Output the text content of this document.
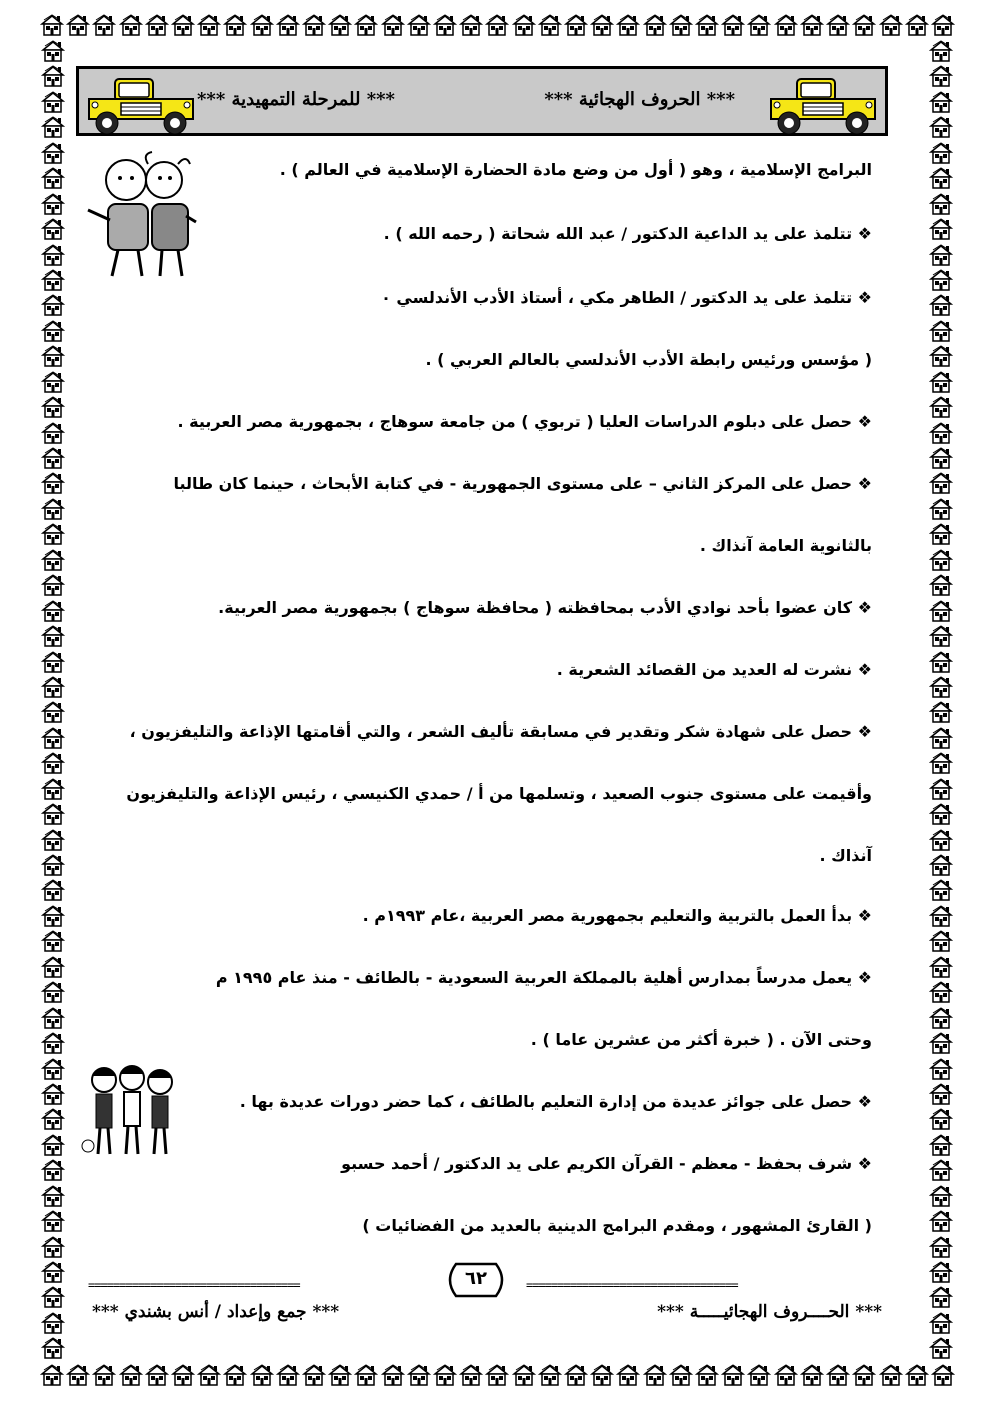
*** الحروف الهجائية ***
*** للمرحلة التمهيدية ***
البرامج الإسلامية ، وهو ( أول من وضع مادة الحضارة الإسلامية في العالم ) .
❖ تتلمذ على يد الداعية الدكتور / عبد الله شحاتة ( رحمه الله ) .
❖ تتلمذ على يد الدكتور / الطاهر مكي ، أستاذ الأدب الأندلسي ٠
( مؤسس ورئيس رابطة الأدب الأندلسي بالعالم العربي ) .
❖ حصل على دبلوم الدراسات العليا ( تربوي ) من جامعة سوهاج ، بجمهورية مصر العربية .
❖ حصل على المركز الثاني – على مستوى الجمهورية - في كتابة الأبحاث ، حينما كان طالبا
بالثانوية العامة آنذاك .
❖ كان عضوا بأحد نوادي الأدب بمحافظته ( محافظة سوهاج ) بجمهورية مصر العربية.
❖ نشرت له العديد من القصائد الشعرية .
❖ حصل على شهادة شكر وتقدير في مسابقة تأليف الشعر ، والتي أقامتها الإذاعة والتليفزيون ،
وأقيمت على مستوى جنوب الصعيد ، وتسلمها من أ / حمدي الكنيسي ، رئيس الإذاعة والتليفزيون
آنذاك .
❖ بدأ العمل بالتربية والتعليم بجمهورية مصر العربية ،عام ١٩٩٣م .
❖ يعمل مدرساً بمدارس أهلية بالمملكة العربية السعودية - بالطائف - منذ عام ١٩٩٥ م
وحتى الآن . ( خبرة أكثر من عشرين عاما ) .
❖ حصل على جوائز عديدة من إدارة التعليم بالطائف ، كما حضر دورات عديدة بها .
❖ شرف بحفظ - معظم - القرآن الكريم على يد الدكتور / أحمد حسبو
( القارئ المشهور ، ومقدم البرامج الدينية بالعديد من الفضائيات )
==================================	==================================
٦٢
*** الحــــروف الهجائيـــــة ***
*** جمع وإعداد / أنس بشندي ***
